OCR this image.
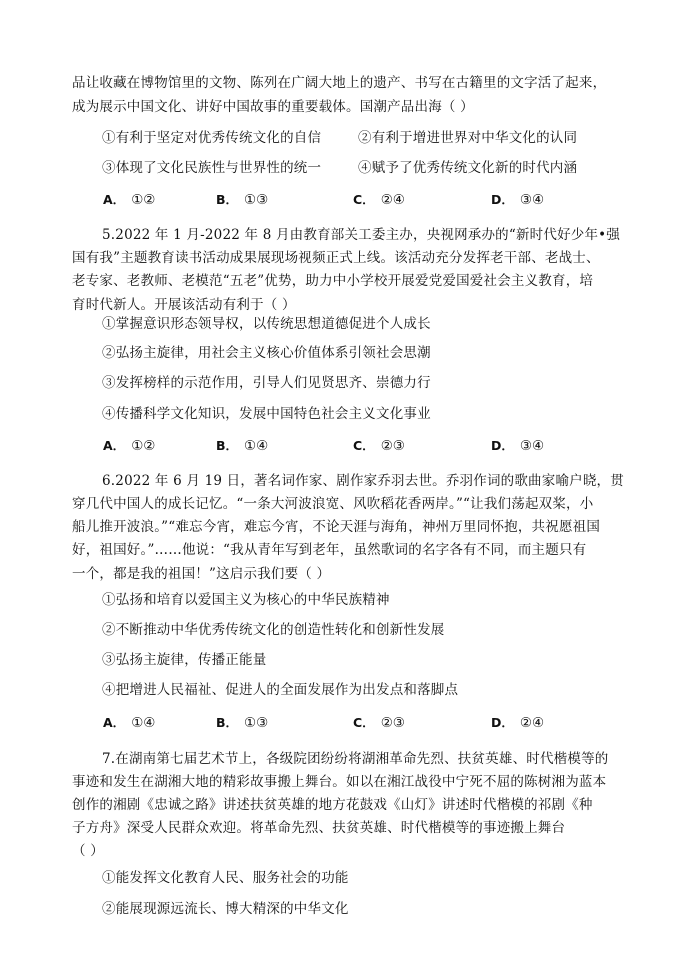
品让收藏在博物馆里的文物、陈列在广阔大地上的遗产、书写在古籍里的文字活了起来，
成为展示中国文化、讲好中国故事的重要载体。国潮产品出海（ ）
①有利于坚定对优秀传统文化的自信	②有利于增进世界对中华文化的认同
③体现了文化民族性与世界性的统一	④赋予了优秀传统文化新的时代内涵
A． ①②	B． ①③	C． ②④	D． ③④
5.2022 年 1 月-2022 年 8 月由教育部关工委主办，央视网承办的“新时代好少年•强
国有我”主题教育读书活动成果展现场视频正式上线。该活动充分发挥老干部、老战士、
老专家、老教师、老模范“五老”优势，助力中小学校开展爱党爱国爱社会主义教育，培
育时代新人。开展该活动有利于（ ）
①掌握意识形态领导权，以传统思想道德促进个人成长
②弘扬主旋律，用社会主义核心价值体系引领社会思潮
③发挥榜样的示范作用，引导人们见贤思齐、崇德力行
④传播科学文化知识，发展中国特色社会主义文化事业
A． ①②	B． ①④	C． ②③	D． ③④
6.2022 年 6 月 19 日，著名词作家、剧作家乔羽去世。乔羽作词的歌曲家喻户晓，贯
穿几代中国人的成长记忆。“一条大河波浪宽、风吹稻花香两岸。”“让我们荡起双桨，小
船儿推开波浪。”“难忘今宵，难忘今宵，不论天涯与海角，神州万里同怀抱，共祝愿祖国
好，祖国好。”……他说：“我从青年写到老年，虽然歌词的名字各有不同，而主题只有
一个，都是我的祖国！”这启示我们要（ ）
①弘扬和培育以爱国主义为核心的中华民族精神
②不断推动中华优秀传统文化的创造性转化和创新性发展
③弘扬主旋律，传播正能量
④把增进人民福祉、促进人的全面发展作为出发点和落脚点
A． ①④	B． ①③	C． ②③	D． ②④
7.在湖南第七届艺术节上，各级院团纷纷将湖湘革命先烈、扶贫英雄、时代楷模等的
事迹和发生在湖湘大地的精彩故事搬上舞台。如以在湘江战役中宁死不屈的陈树湘为蓝本
创作的湘剧《忠诚之路》讲述扶贫英雄的地方花鼓戏《山灯》讲述时代楷模的祁剧《种
子方舟》深受人民群众欢迎。将革命先烈、扶贫英雄、时代楷模等的事迹搬上舞台
（ ）
①能发挥文化教育人民、服务社会的功能
②能展现源远流长、博大精深的中华文化
